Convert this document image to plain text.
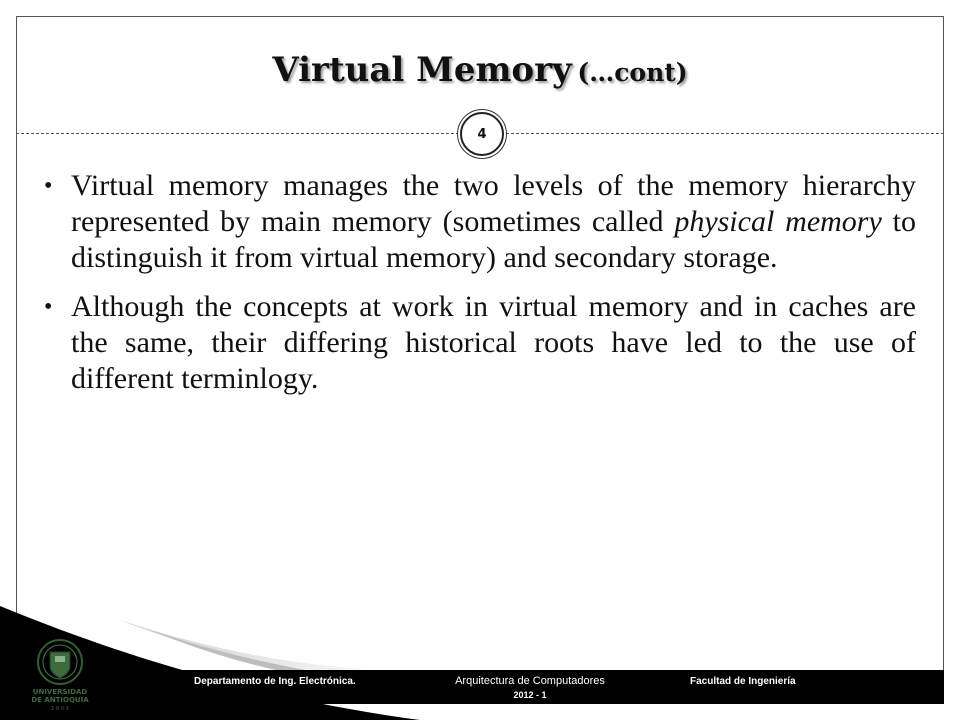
Virtual Memory (…cont)
4
• Virtual memory manages the two levels of the memory hierarchy represented by main memory (sometimes called physical memory to distinguish it from virtual memory) and secondary storage.
• Although the concepts at work in virtual memory and in caches are the same, their differing historical roots have led to the use of different terminlogy.
Departamento de Ing. Electrónica.	Arquitectura de Computadores
2012 - 1
Facultad de Ingeniería
UNIVERSIDAD
DE ANTIOQUIA
1 8 0 3
